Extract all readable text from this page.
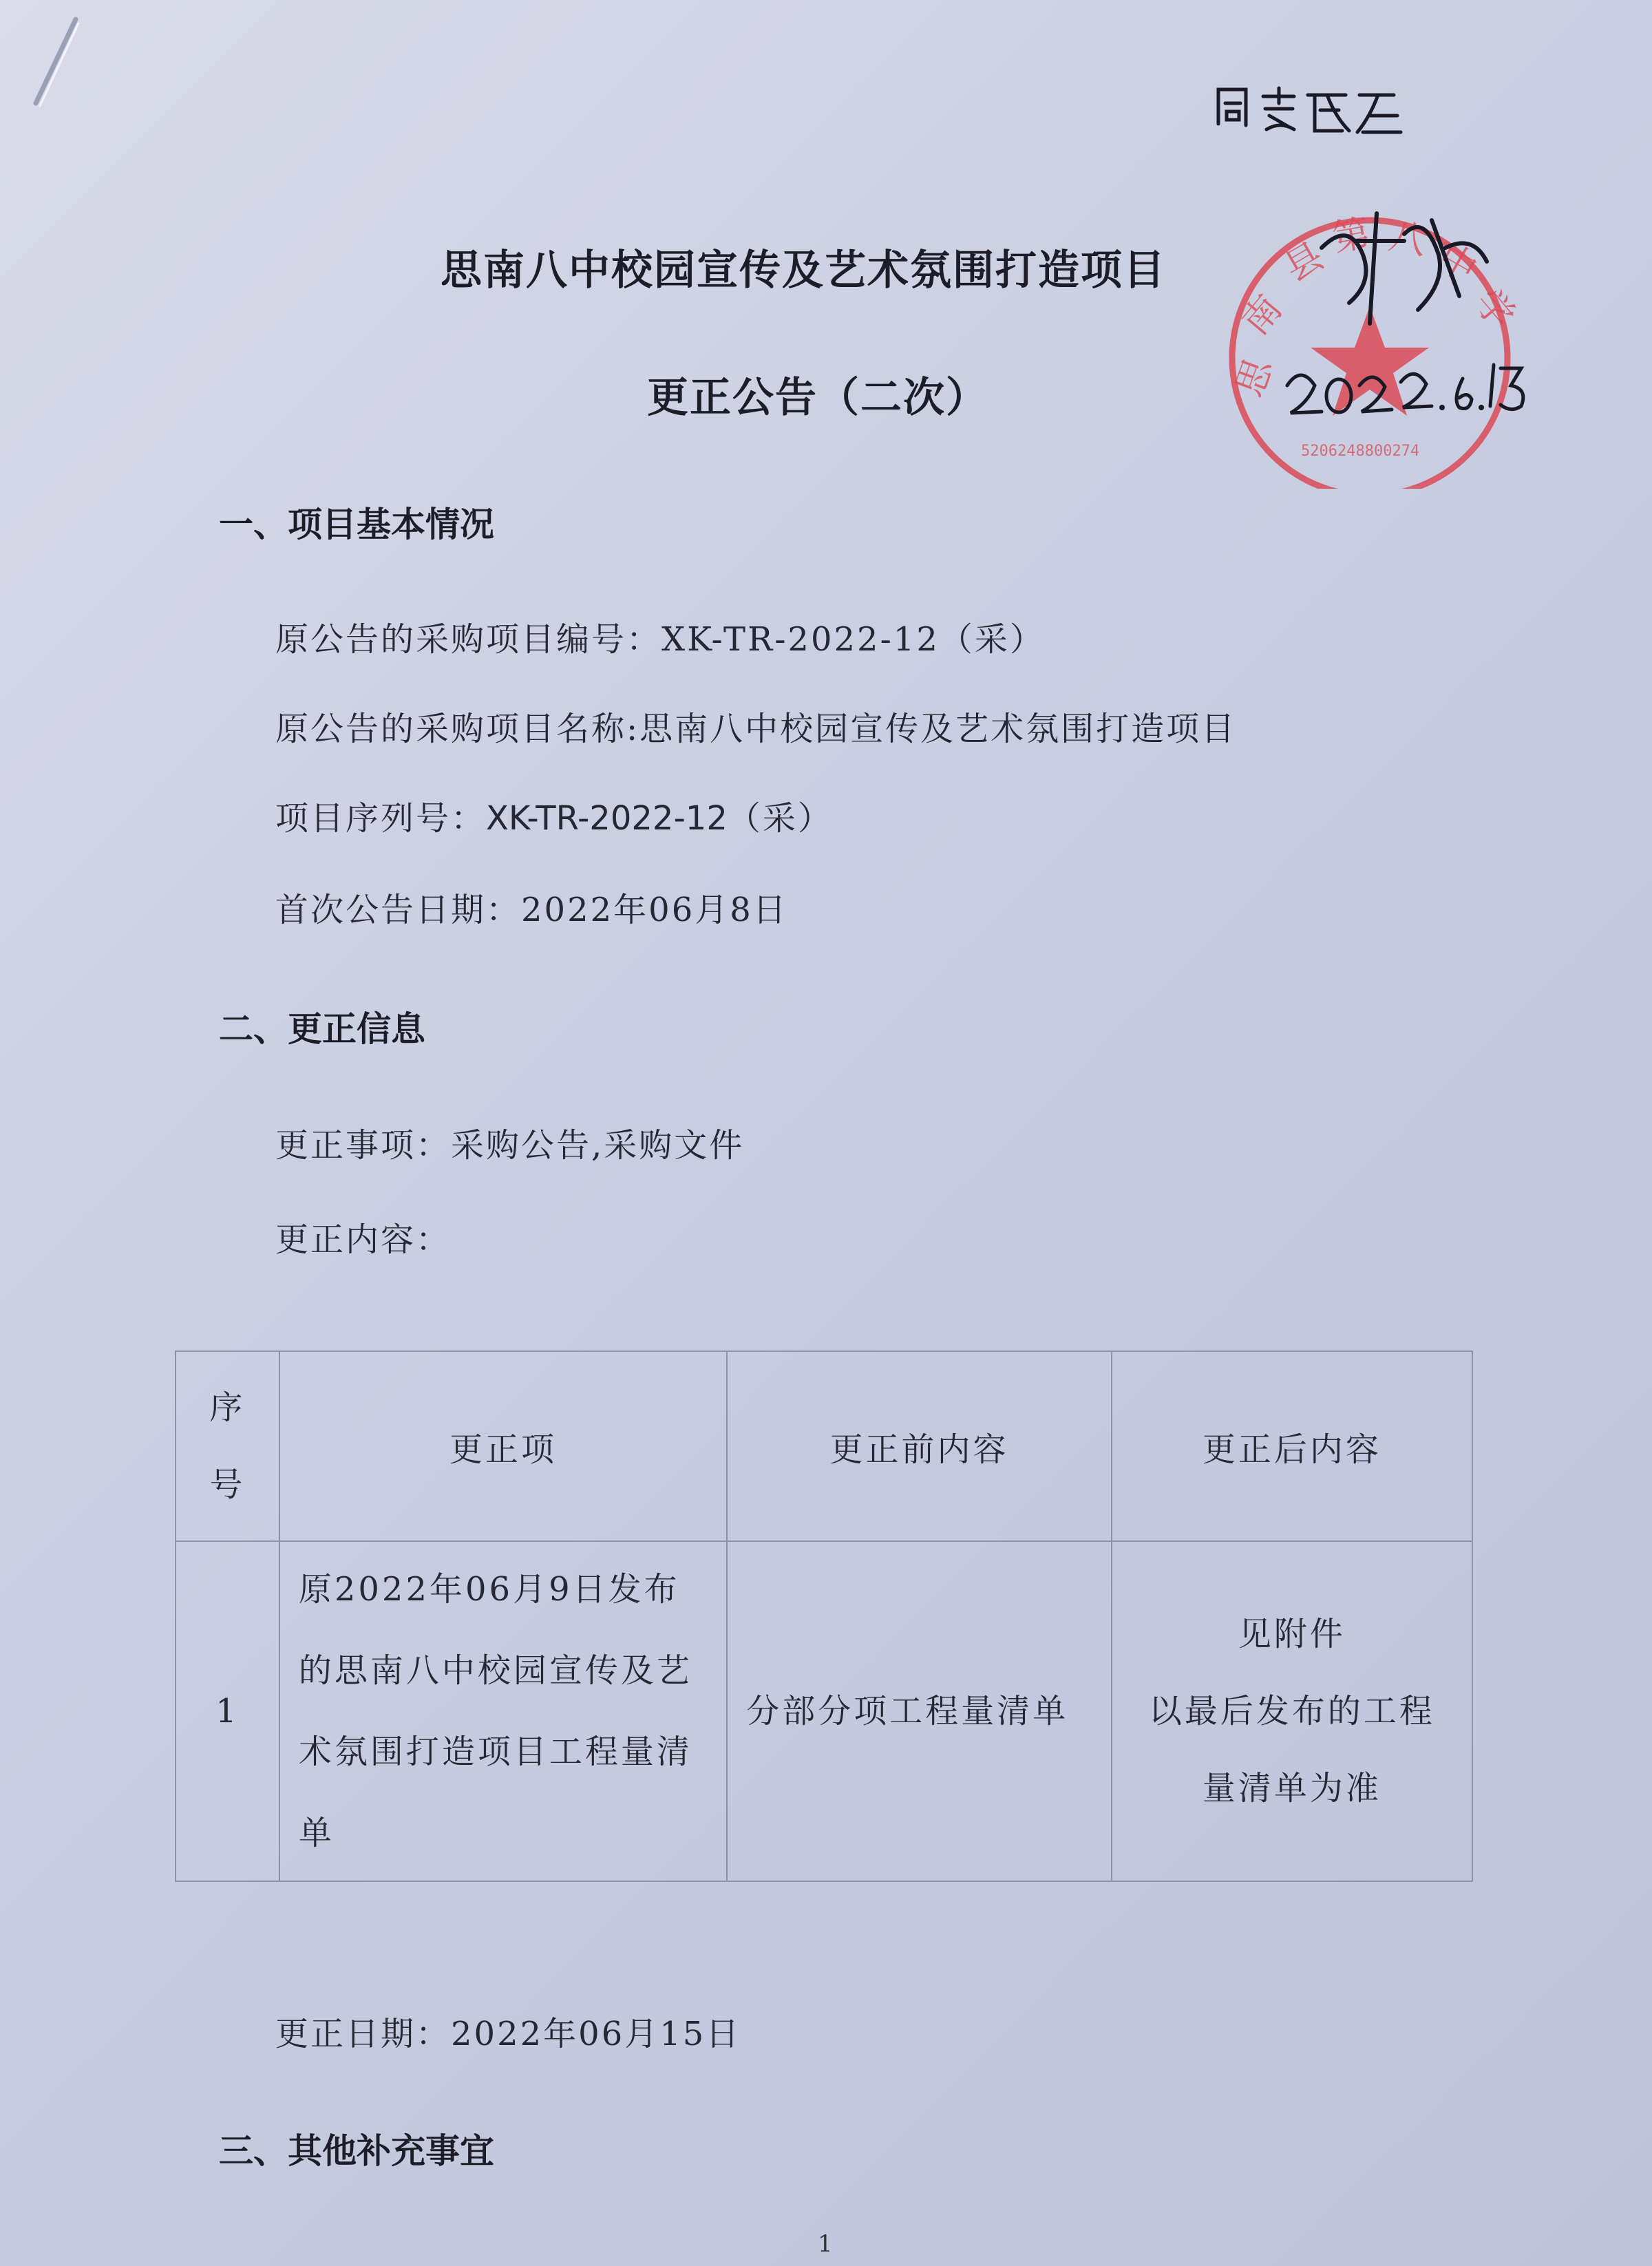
思
南
县
第 八 中
学
5206248800274
思南八中校园宣传及艺术氛围打造项目
更正公告（二次）
一、项目基本情况
原公告的采购项目编号：XK-TR-2022-12（采）
原公告的采购项目名称:思南八中校园宣传及艺术氛围打造项目
项目序列号：XK-TR-2022-12（采）
首次公告日期：2022年06月8日
二、更正信息
更正事项：采购公告,采购文件
更正内容：
序
号	更正项	更正前内容	更正后内容
1	原2022年06月9日发布的思南八中校园宣传及艺术氛围打造项目工程量清单	分部分项工程量清单	见附件
以最后发布的工程
量清单为准
更正日期：2022年06月15日
三、其他补充事宜
1
